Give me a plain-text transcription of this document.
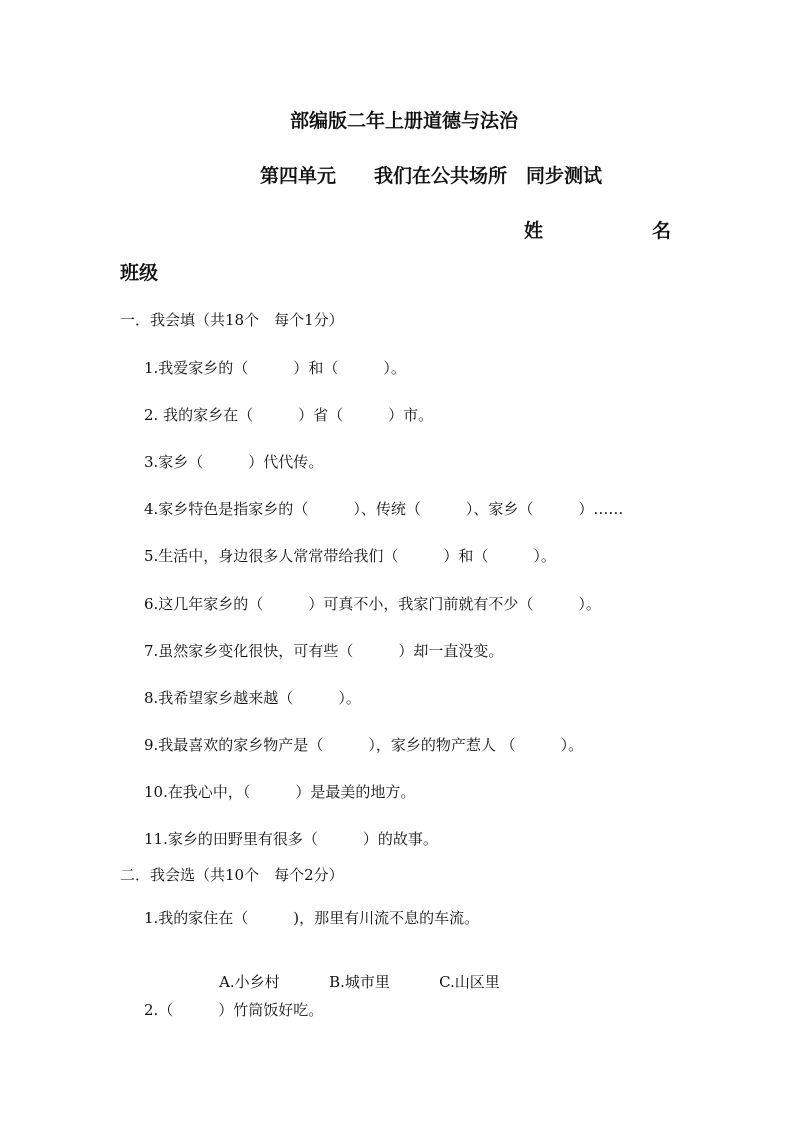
部编版二年上册道德与法治
第四单元　　我们在公共场所　同步测试
姓	名
班级
一．我会填（共18个　每个1分）
1.我爱家乡的（　　　）和（　　　）。
2. 我的家乡在（　　　）省（　　　）市。
3.家乡（　　　）代代传。
4.家乡特色是指家乡的（　　　）、传统（　　　）、家乡（　　　）……
5.生活中，身边很多人常常带给我们（　　　）和（　　　）。
6.这几年家乡的（　　　）可真不小，我家门前就有不少（　　　）。
7.虽然家乡变化很快，可有些（　　　）却一直没变。
8.我希望家乡越来越（　　　）。
9.我最喜欢的家乡物产是（　　　），家乡的物产惹人 （　　　）。
10.在我心中，（　　　）是最美的地方。
11.家乡的田野里有很多（　　　）的故事。
二．我会选（共10个　每个2分）
1.我的家住在（　　　)，那里有川流不息的车流。

A.小乡村	B.城市里	C.山区里

2.（　　　）竹筒饭好吃。
